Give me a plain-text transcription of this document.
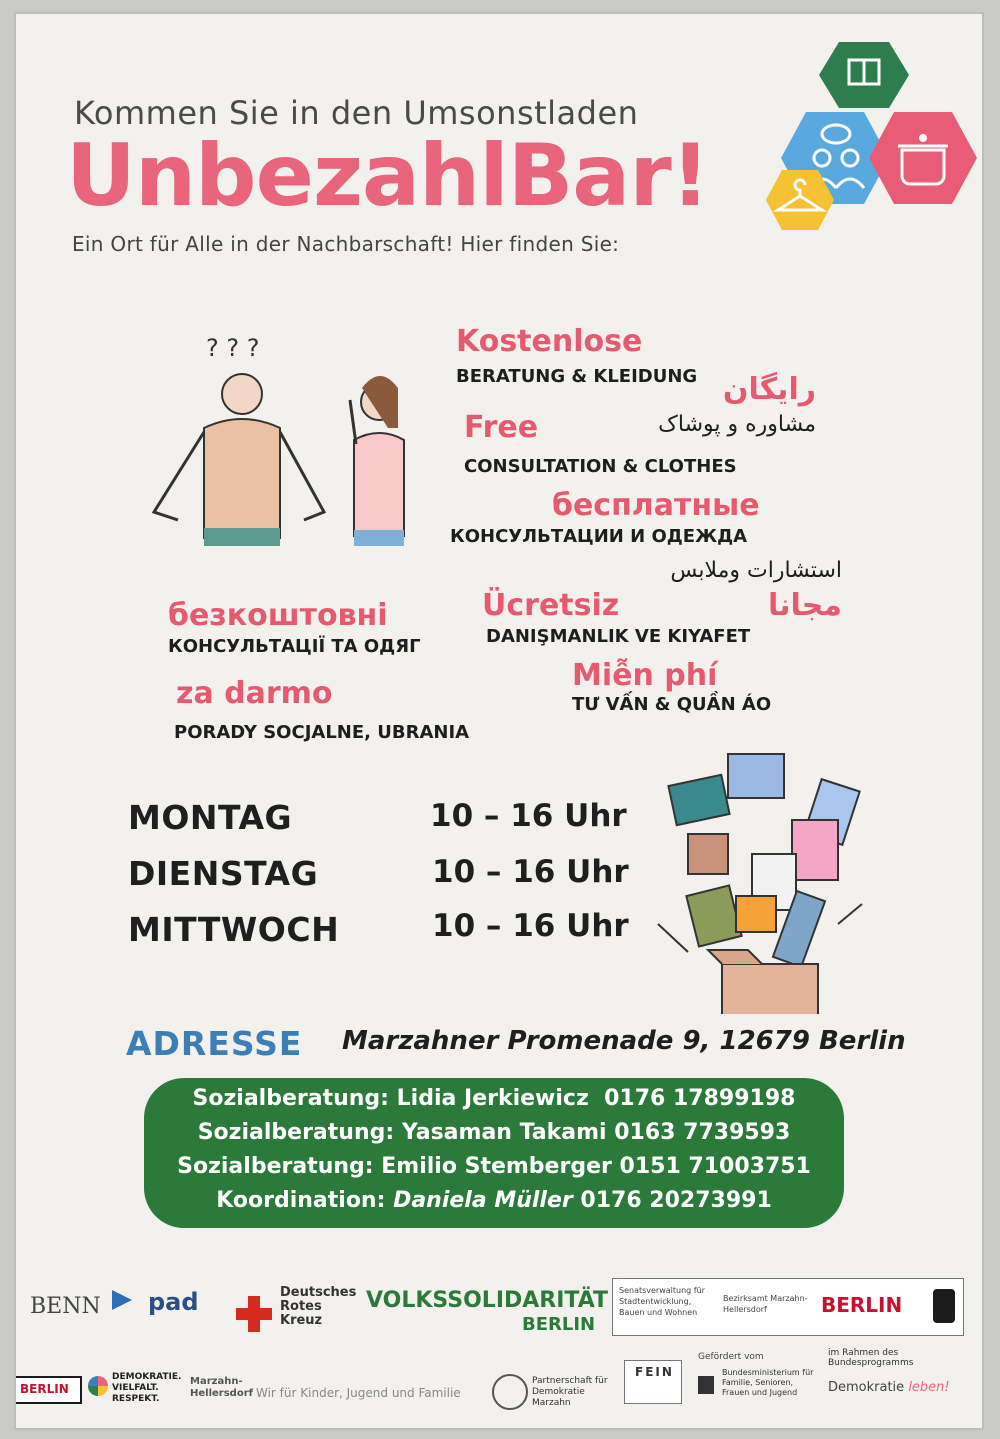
Kommen Sie in den Umsonstladen
UnbezahlBar!
Ein Ort für Alle in der Nachbarschaft! Hier finden Sie:
? ? ?	Kostenlose
BERATUNG & KLEIDUNG رایگان
مشاوره و پوشاک
Free
CONSULTATION & CLOTHES
бесплатные
КОНСУЛЬТАЦИИ И ОДЕЖДА
استشارات وملابس
مجانا
безкоштовні
КОНСУЛЬТАЦІЇ ТА ОДЯГ
Ücretsiz
DANIŞMANLIK VE KIYAFET
za darmo
PORADY SOCJALNE, UBRANIA
Miễn phí
TƯ VẤN & QUẦN ÁO
MONTAG	10 – 16 Uhr
DIENSTAG	10 – 16 Uhr
MITTWOCH	10 – 16 Uhr
ADRESSE Marzahner Promenade 9, 12679 Berlin
Sozialberatung: Lidia Jerkiewicz 0176 17899198
Sozialberatung: Yasaman Takami 0163 7739593
Sozialberatung: Emilio Stemberger 0151 71003751
Koordination: Daniela Müller 0176 20273991
BENN pad	Deutsches
Rotes
Kreuz
VOLKSSOLIDARITÄT
BERLIN
Senatsverwaltung für Stadtentwicklung, Bauen und Wohnen
Bezirksamt Marzahn-Hellersdorf	BERLIN
BERLIN
DEMOKRATIE. VIELFALT. RESPEKT.
Marzahn-Hellersdorf Wir für Kinder, Jugend und Familie
Partnerschaft für Demokratie Marzahn
FEIN
Gefördert vom
Bundesministerium für Familie, Senioren, Frauen und Jugend
im Rahmen des Bundesprogramms
Demokratie leben!
